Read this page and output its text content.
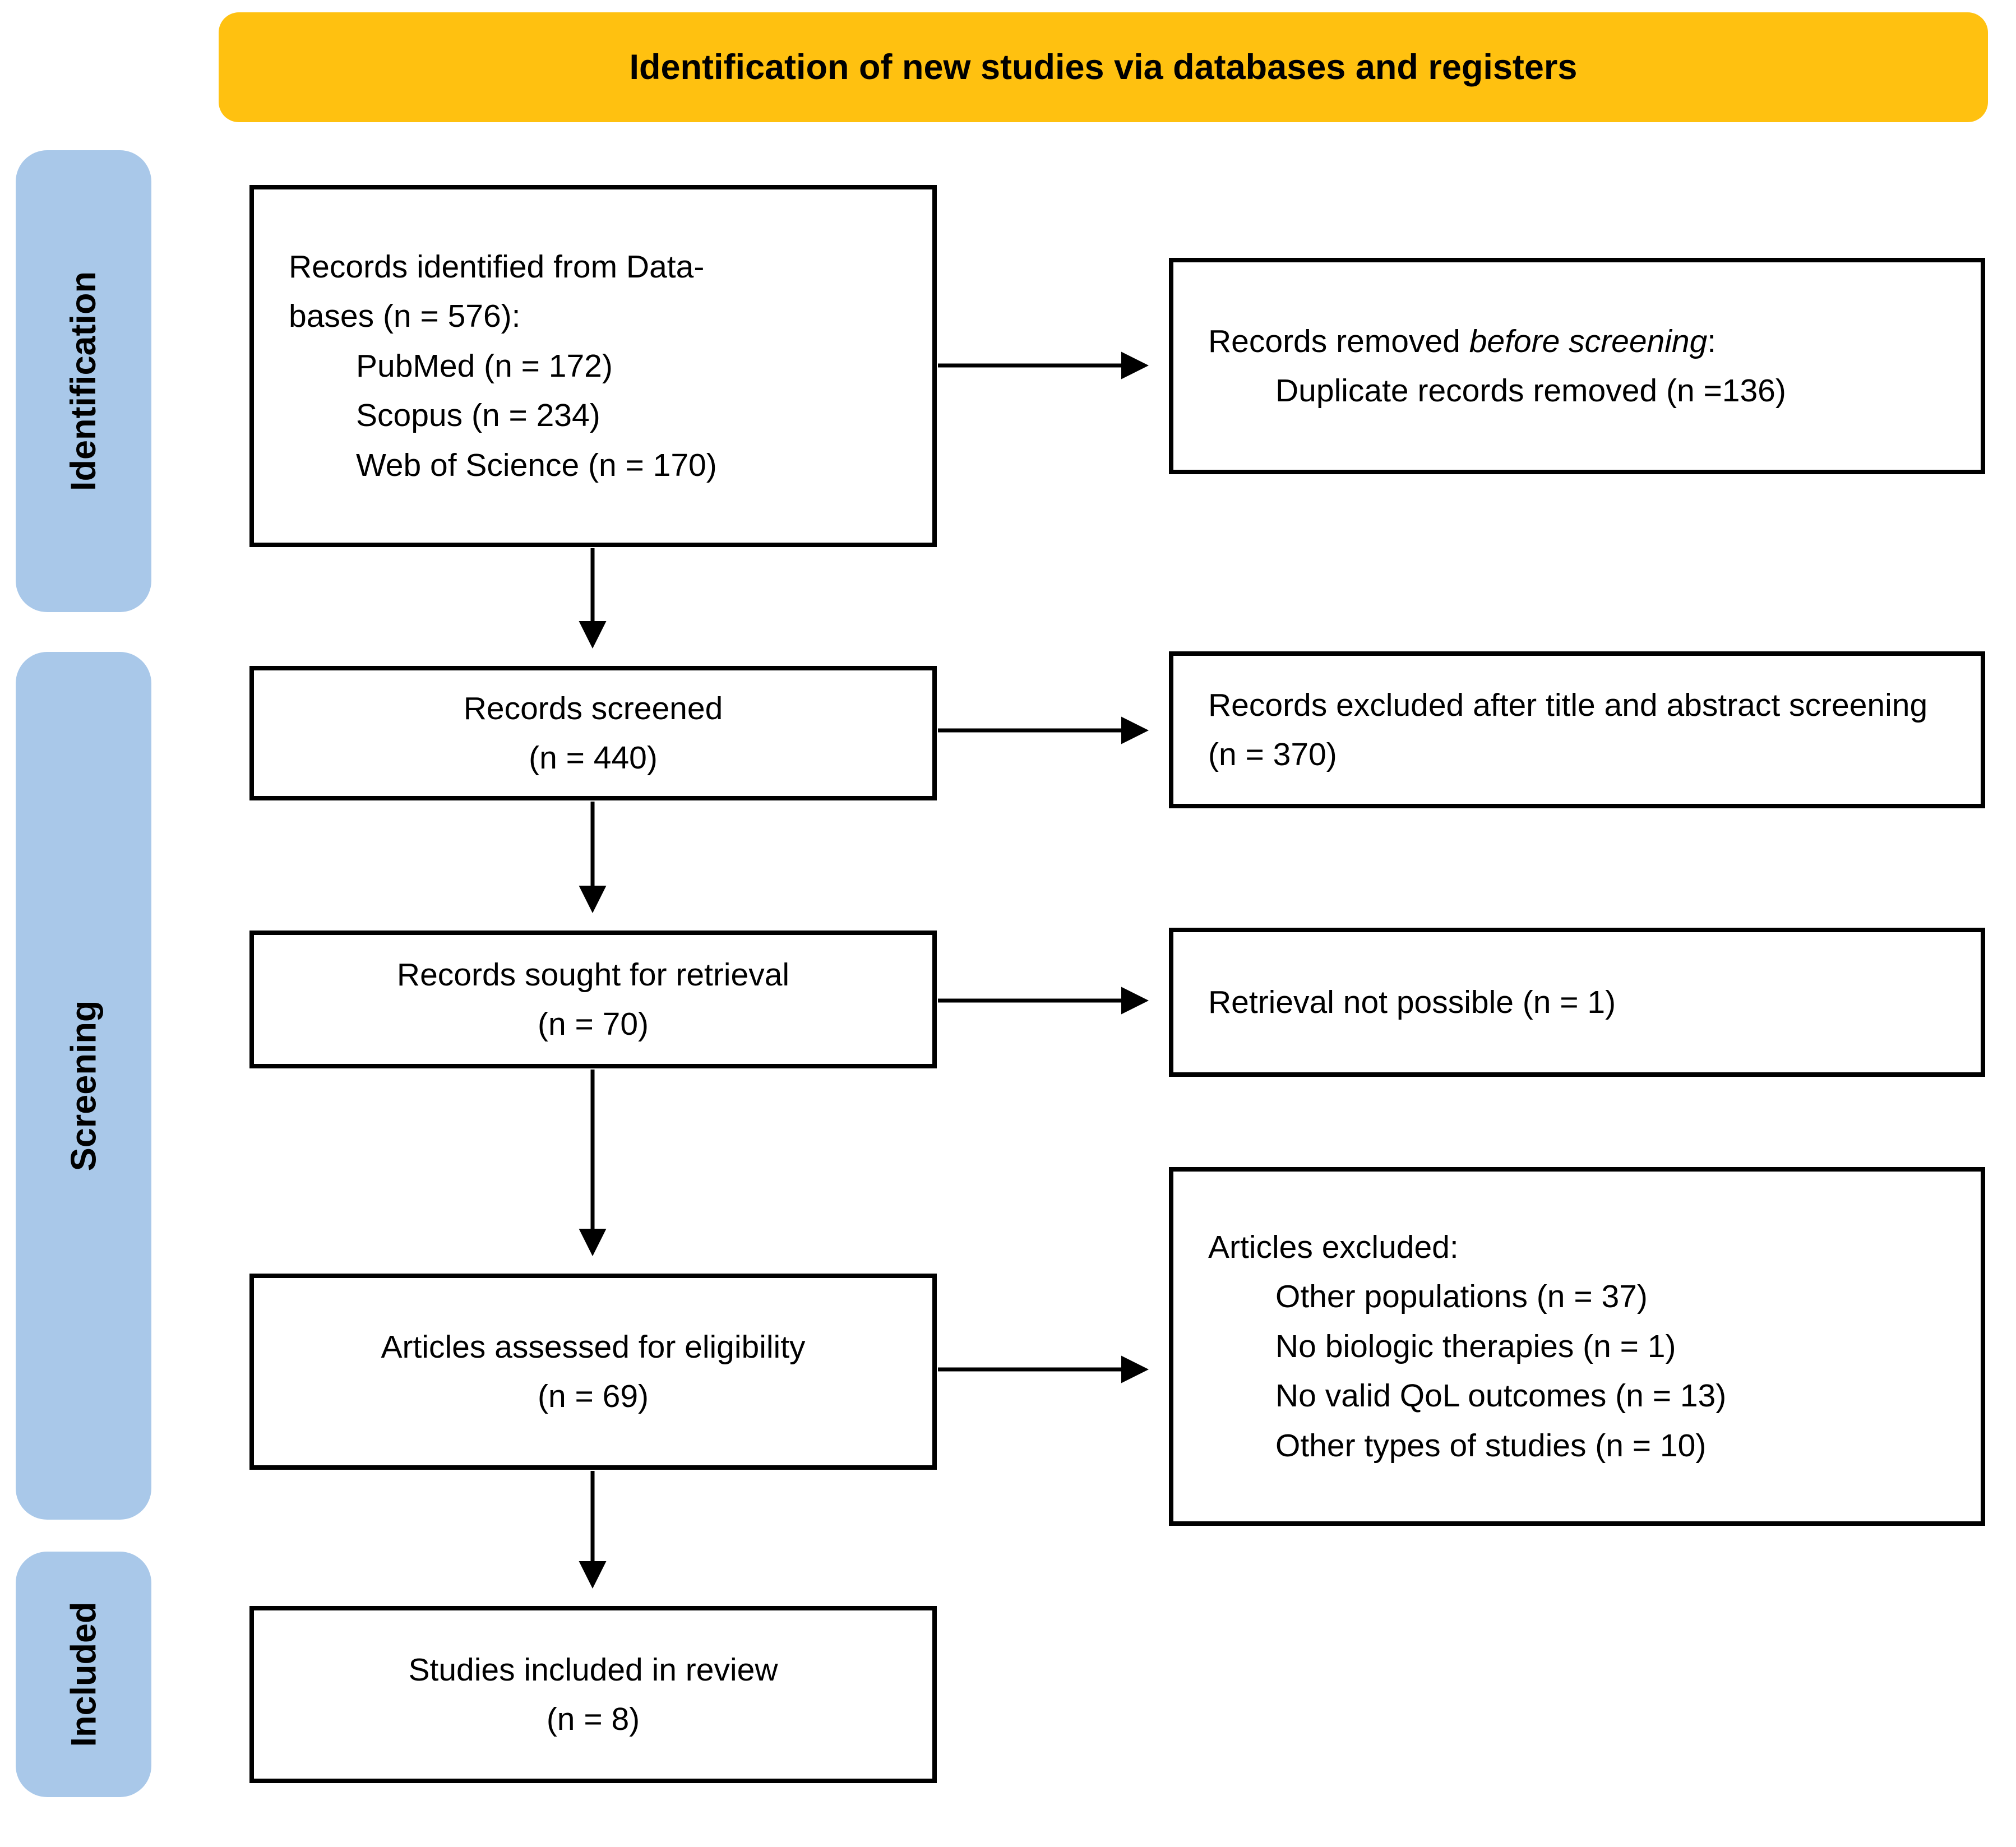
Identification of new studies via databases and registers
Identification
Screening
Included
Records identified from Data-
bases (n = 576):
PubMed (n = 172)
Scopus (n = 234)
Web of Science (n = 170)
Records removed before screening:
Duplicate records removed (n =136)
Records screened
(n = 440)
Records excluded after title and abstract screening (n = 370)
Records sought for retrieval
(n = 70)
Retrieval not possible (n = 1)
Articles assessed for eligibility
(n = 69)
Articles excluded:
Other populations (n = 37)
No biologic therapies (n = 1)
No valid QoL outcomes (n = 13)
Other types of studies (n = 10)
Studies included in review
(n = 8)
